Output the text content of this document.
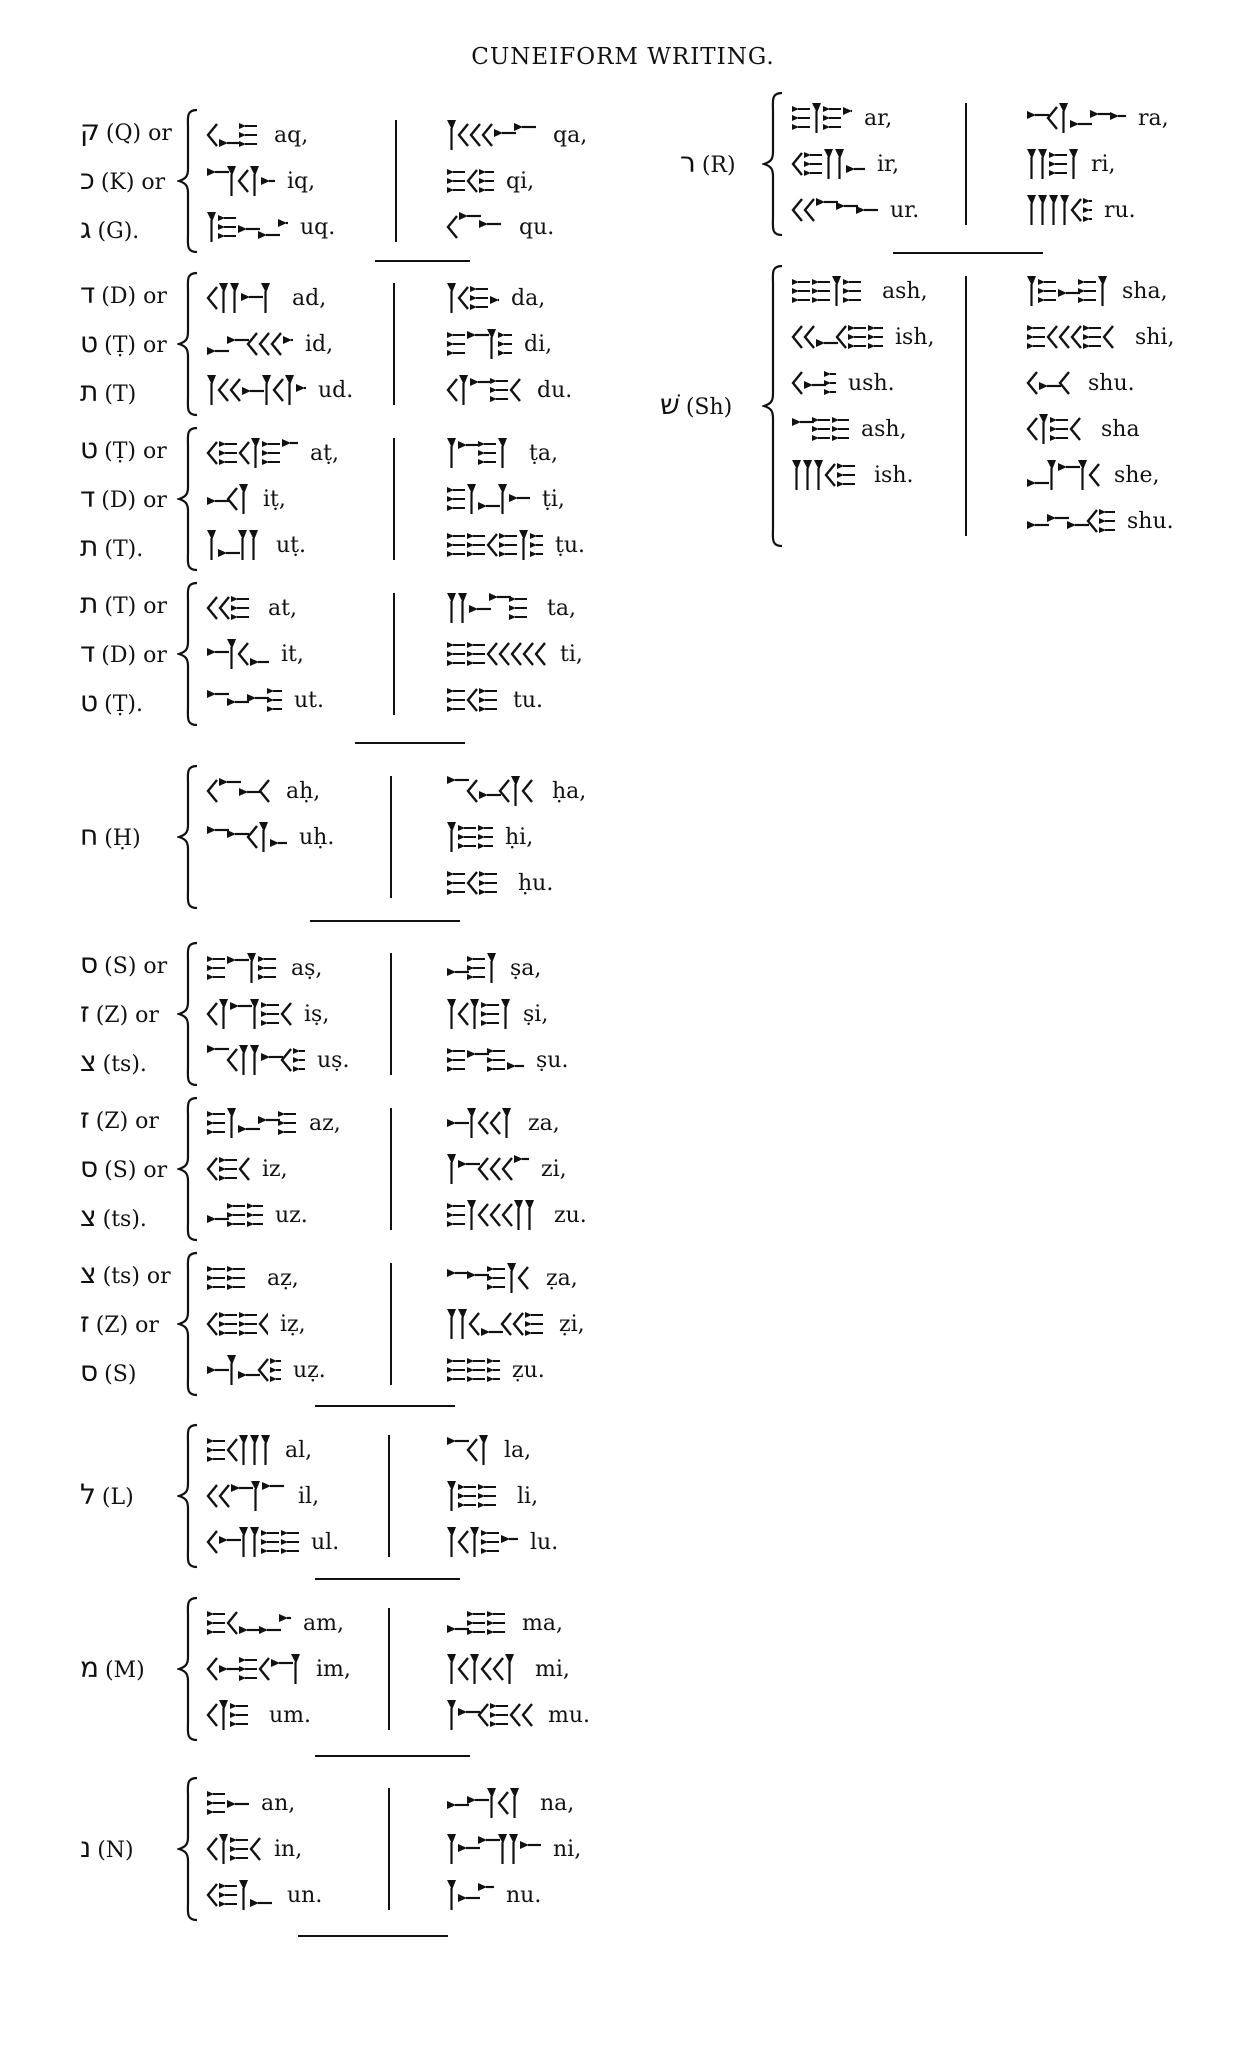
CUNEIFORM WRITING.
ק (Q) or
כ (K) or
ג (G).
aq,
iq,
uq.
qa,
qi,
qu.
ד (D) or
ט (Ṭ) or
ת (T)
ad,
id,
ud.
da,
di,
du.
ט (Ṭ) or
ד (D) or
ת (T).
aṭ,
iṭ,
uṭ.
ṭa,
ṭi,
ṭu.
ת (T) or
ד (D) or
ט (Ṭ).
at,
it,
ut.
ta,
ti,
tu.
ח (Ḥ)
aḥ,
uḥ.
ḥa,
ḥi,
ḥu.
ס (S) or
ז (Z) or
צ (ts).
aṣ,
iṣ,
uṣ.
ṣa,
ṣi,
ṣu.
ז (Z) or
ס (S) or
צ (ts).
az,
iz,
uz.
za,
zi,
zu.
צ (ts) or
ז (Z) or
ס (S)
aẓ,
iẓ,
uẓ.
ẓa,
ẓi,
ẓu.
ל (L)
al,
il,
ul.
la,
li,
lu.
מ (M)
am,
im,
um.
ma,
mi,
mu.
נ (N)
an,
in,
un.
na,
ni,
nu.
ר (R)
ar,
ir,
ur.
ra,
ri,
ru.
שׁ (Sh)
ash,
ish,
ush.
ash,
ish.
sha,
shi,
shu.
sha
she,
shu.
